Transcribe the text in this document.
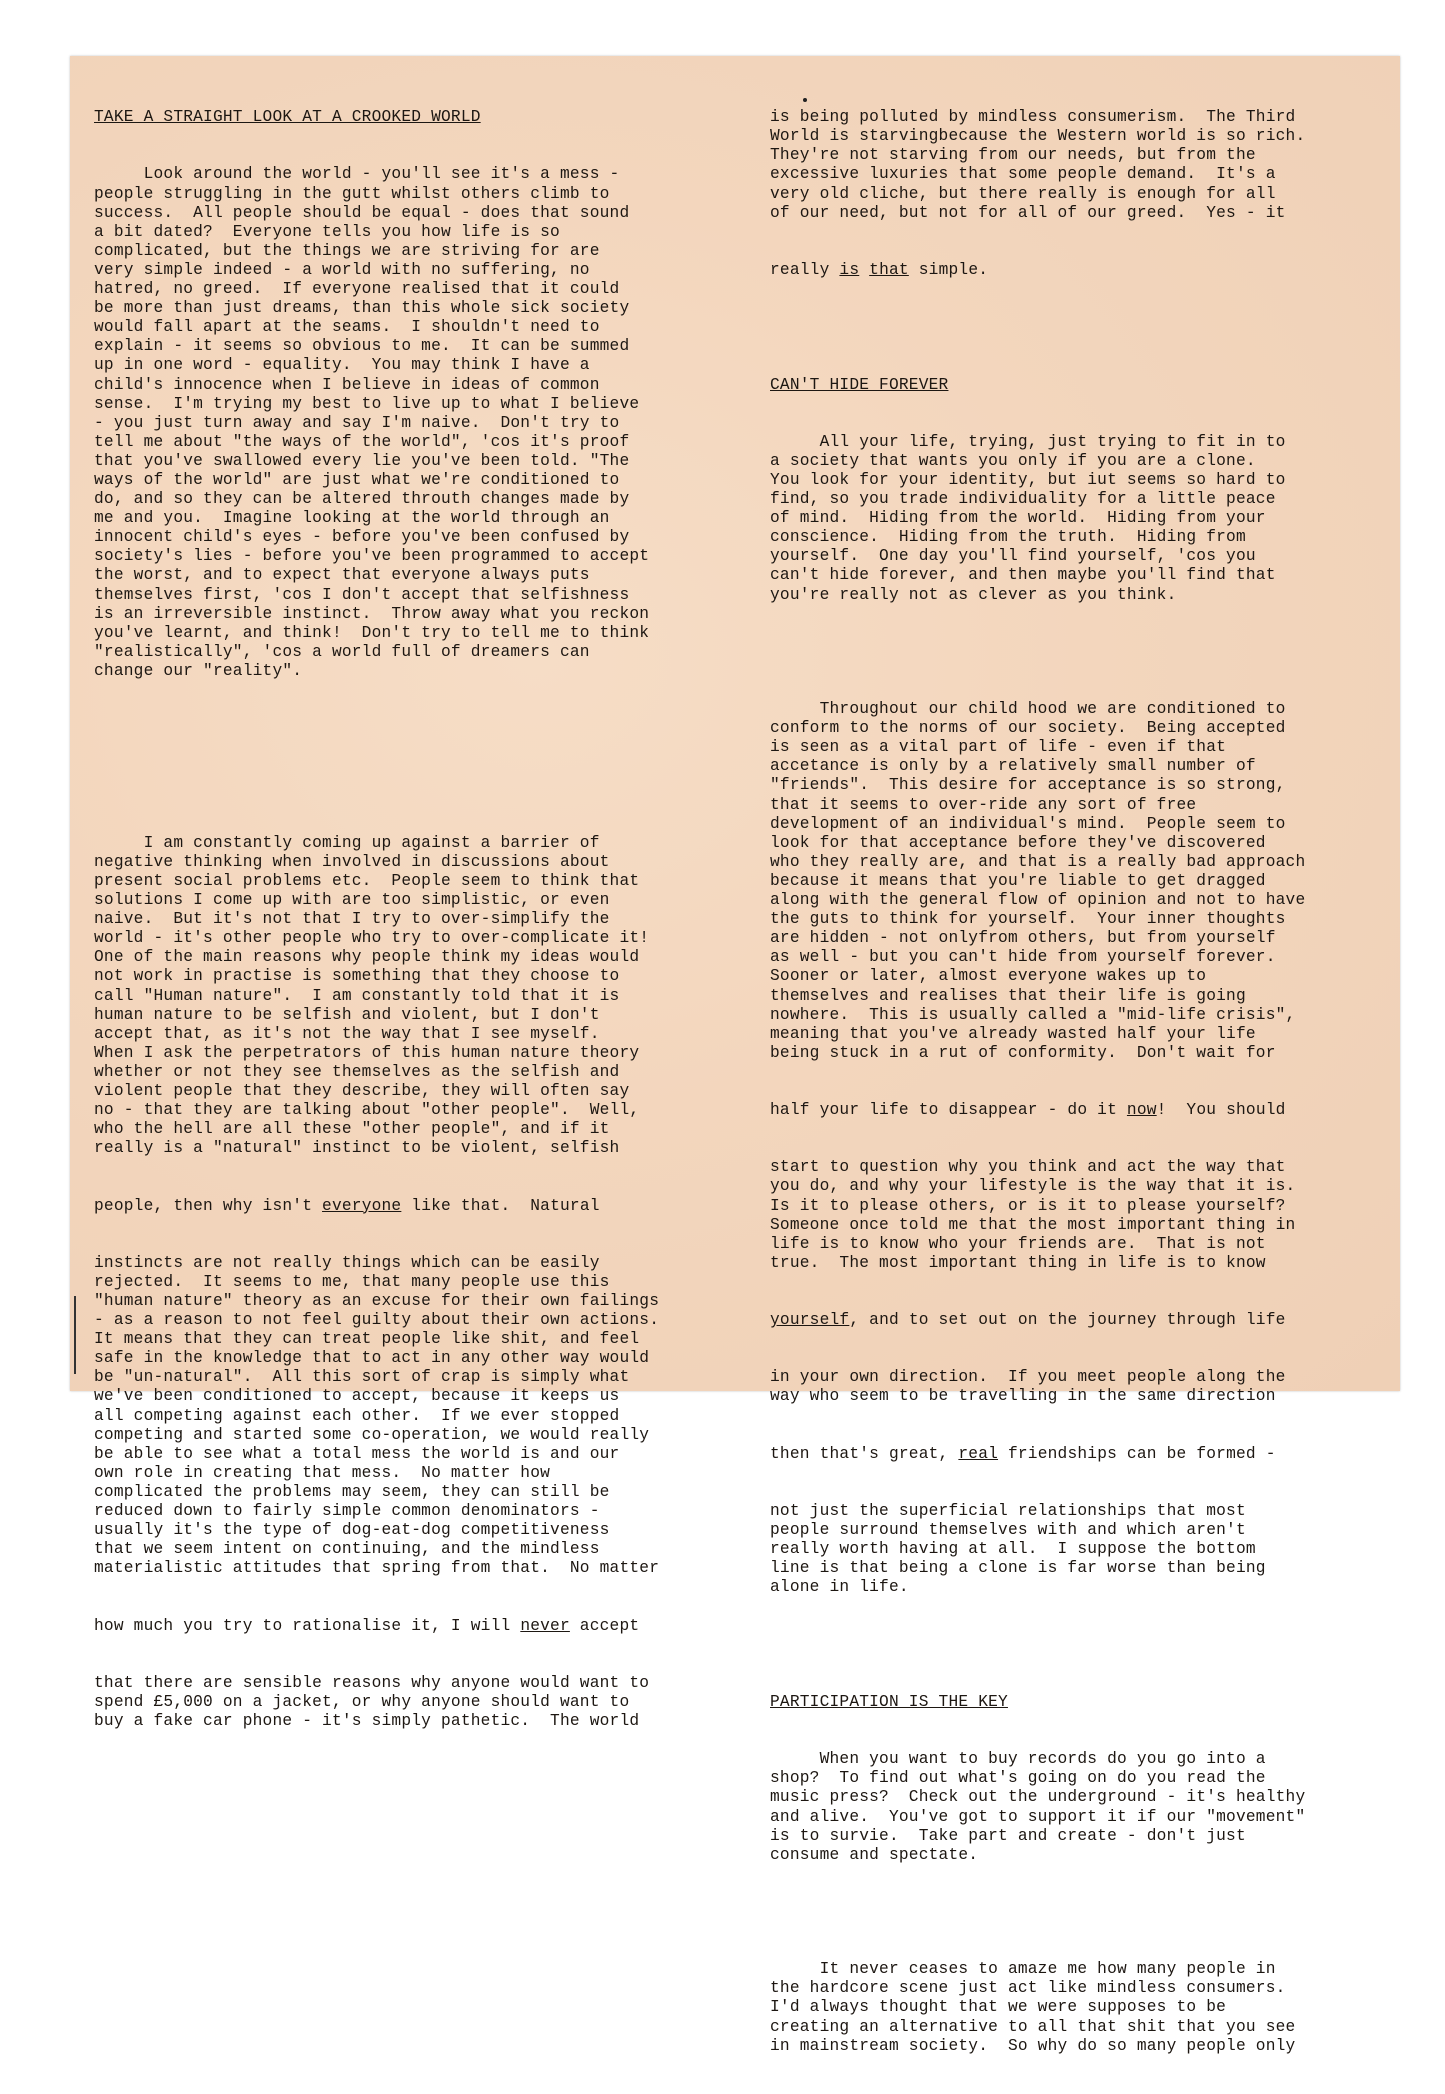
TAKE A STRAIGHT LOOK AT A CROOKED WORLD

Look around the world - you'll see it's a mess -
people struggling in the gutt whilst others climb to
success.  All people should be equal - does that sound
a bit dated?  Everyone tells you how life is so
complicated, but the things we are striving for are
very simple indeed - a world with no suffering, no
hatred, no greed.  If everyone realised that it could
be more than just dreams, than this whole sick society
would fall apart at the seams.  I shouldn't need to
explain - it seems so obvious to me.  It can be summed
up in one word - equality.  You may think I have a
child's innocence when I believe in ideas of common
sense.  I'm trying my best to live up to what I believe
- you just turn away and say I'm naive.  Don't try to
tell me about "the ways of the world", 'cos it's proof
that you've swallowed every lie you've been told. "The
ways of the world" are just what we're conditioned to
do, and so they can be altered throuth changes made by
me and you.  Imagine looking at the world through an
innocent child's eyes - before you've been confused by
society's lies - before you've been programmed to accept
the worst, and to expect that everyone always puts
themselves first, 'cos I don't accept that selfishness
is an irreversible instinct.  Throw away what you reckon
you've learnt, and think!  Don't try to tell me to think
"realistically", 'cos a world full of dreamers can
change our "reality".

I am constantly coming up against a barrier of
negative thinking when involved in discussions about
present social problems etc.  People seem to think that
solutions I come up with are too simplistic, or even
naive.  But it's not that I try to over-simplify the
world - it's other people who try to over-complicate it!
One of the main reasons why people think my ideas would
not work in practise is something that they choose to
call "Human nature".  I am constantly told that it is
human nature to be selfish and violent, but I don't
accept that, as it's not the way that I see myself.
When I ask the perpetrators of this human nature theory
whether or not they see themselves as the selfish and
violent people that they describe, they will often say
no - that they are talking about "other people".  Well,
who the hell are all these "other people", and if it
really is a "natural" instinct to be violent, selfish

people, then why isn't everyone like that.  Natural

instincts are not really things which can be easily
rejected.  It seems to me, that many people use this
"human nature" theory as an excuse for their own failings
- as a reason to not feel guilty about their own actions.
It means that they can treat people like shit, and feel
safe in the knowledge that to act in any other way would
be "un-natural".  All this sort of crap is simply what
we've been conditioned to accept, because it keeps us
all competing against each other.  If we ever stopped
competing and started some co-operation, we would really
be able to see what a total mess the world is and our
own role in creating that mess.  No matter how
complicated the problems may seem, they can still be
reduced down to fairly simple common denominators -
usually it's the type of dog-eat-dog competitiveness
that we seem intent on continuing, and the mindless
materialistic attitudes that spring from that.  No matter

how much you try to rationalise it, I will never accept

that there are sensible reasons why anyone would want to
spend £5,000 on a jacket, or why anyone should want to
buy a fake car phone - it's simply pathetic.  The world

is being polluted by mindless consumerism.  The Third
World is starvingbecause the Western world is so rich.
They're not starving from our needs, but from the
excessive luxuries that some people demand.  It's a
very old cliche, but there really is enough for all
of our need, but not for all of our greed.  Yes - it

really is that simple.

CAN'T HIDE FOREVER

All your life, trying, just trying to fit in to
a society that wants you only if you are a clone.
You look for your identity, but iut seems so hard to
find, so you trade individuality for a little peace
of mind.  Hiding from the world.  Hiding from your
conscience.  Hiding from the truth.  Hiding from
yourself.  One day you'll find yourself, 'cos you
can't hide forever, and then maybe you'll find that
you're really not as clever as you think.

Throughout our child hood we are conditioned to
conform to the norms of our society.  Being accepted
is seen as a vital part of life - even if that
accetance is only by a relatively small number of
"friends".  This desire for acceptance is so strong,
that it seems to over-ride any sort of free
development of an individual's mind.  People seem to
look for that acceptance before they've discovered
who they really are, and that is a really bad approach
because it means that you're liable to get dragged
along with the general flow of opinion and not to have
the guts to think for yourself.  Your inner thoughts
are hidden - not onlyfrom others, but from yourself
as well - but you can't hide from yourself forever.
Sooner or later, almost everyone wakes up to
themselves and realises that their life is going
nowhere.  This is usually called a "mid-life crisis",
meaning that you've already wasted half your life
being stuck in a rut of conformity.  Don't wait for

half your life to disappear - do it now!  You should

start to question why you think and act the way that
you do, and why your lifestyle is the way that it is.
Is it to please others, or is it to please yourself?
Someone once told me that the most important thing in
life is to know who your friends are.  That is not
true.  The most important thing in life is to know

yourself, and to set out on the journey through life

in your own direction.  If you meet people along the
way who seem to be travelling in the same direction

then that's great, real friendships can be formed -

not just the superficial relationships that most
people surround themselves with and which aren't
really worth having at all.  I suppose the bottom
line is that being a clone is far worse than being
alone in life.

PARTICIPATION IS THE KEY

When you want to buy records do you go into a
shop?  To find out what's going on do you read the
music press?  Check out the underground - it's healthy
and alive.  You've got to support it if our "movement"
is to survie.  Take part and create - don't just
consume and spectate.

It never ceases to amaze me how many people in
the hardcore scene just act like mindless consumers.
I'd always thought that we were supposes to be
creating an alternative to all that shit that you see
in mainstream society.  So why do so many people only
